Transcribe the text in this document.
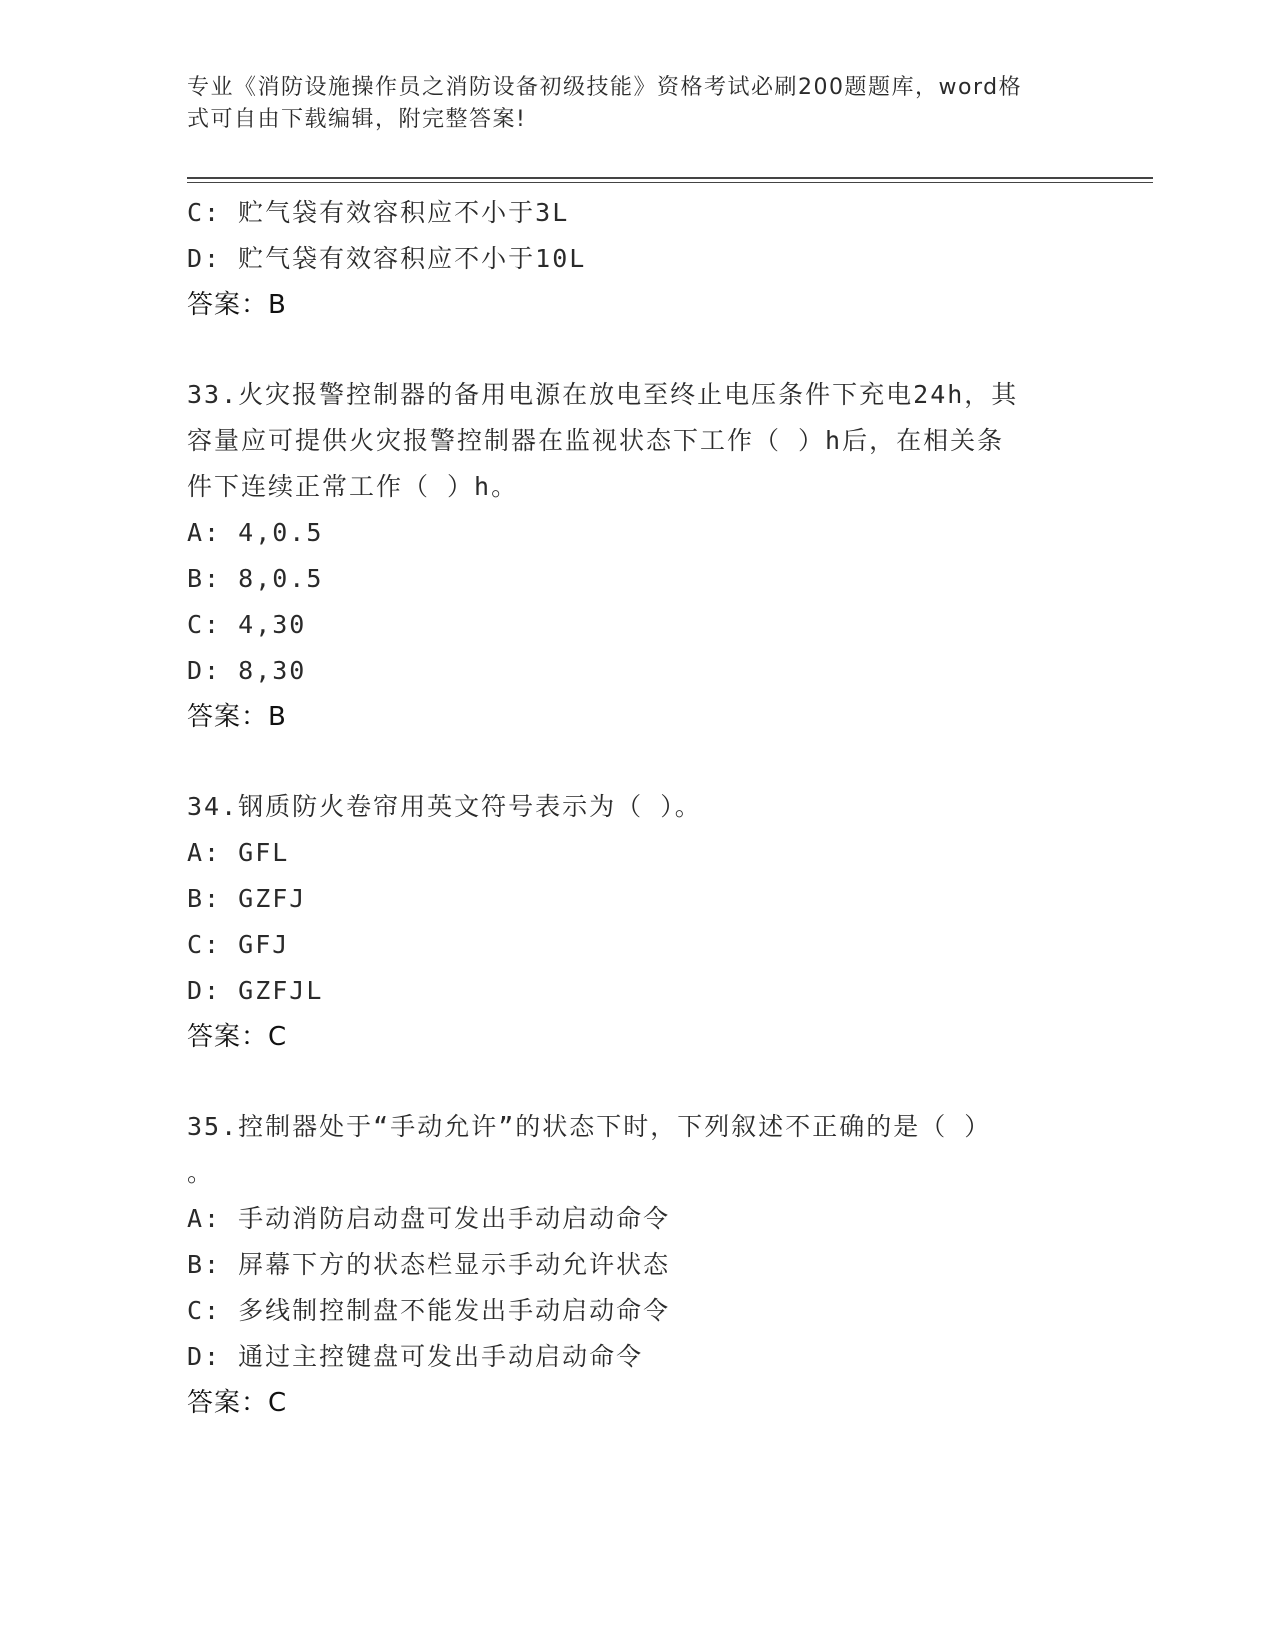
专业《消防设施操作员之消防设备初级技能》资格考试必刷200题题库，word格
式可自由下载编辑，附完整答案!
C: 贮气袋有效容积应不小于3L
D: 贮气袋有效容积应不小于10L
答案：B
33.火灾报警控制器的备用电源在放电至终止电压条件下充电24h，其
容量应可提供火灾报警控制器在监视状态下工作（ ）h后，在相关条
件下连续正常工作（ ）h。
A: 4,0.5
B: 8,0.5
C: 4,30
D: 8,30
答案：B
34.钢质防火卷帘用英文符号表示为（ ）。
A: GFL
B: GZFJ
C: GFJ
D: GZFJL
答案：C
35.控制器处于“手动允许”的状态下时，下列叙述不正确的是（ ）
。
A: 手动消防启动盘可发出手动启动命令
B: 屏幕下方的状态栏显示手动允许状态
C: 多线制控制盘不能发出手动启动命令
D: 通过主控键盘可发出手动启动命令
答案：C
